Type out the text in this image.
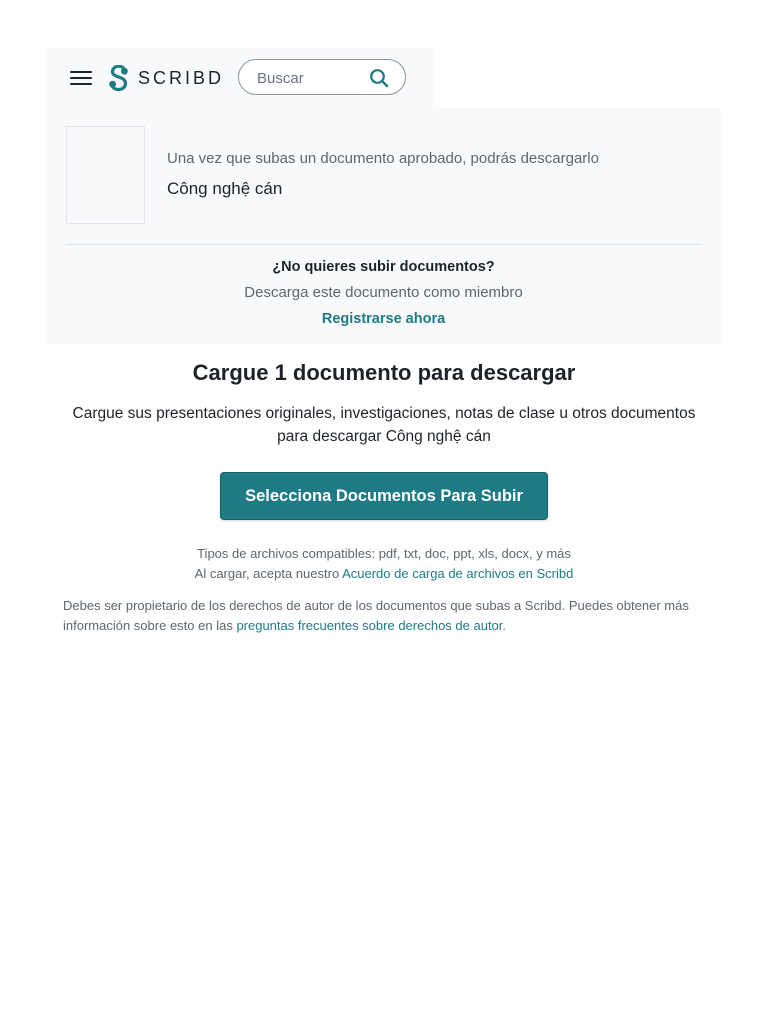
SCRIBD
Buscar
Una vez que subas un documento aprobado, podrás descargarlo
Công nghệ cán
¿No quieres subir documentos?
Descarga este documento como miembro
Registrarse ahora
Cargue 1 documento para descargar
Cargue sus presentaciones originales, investigaciones, notas de clase u otros documentos para descargar Công nghệ cán
Selecciona Documentos Para Subir
Tipos de archivos compatibles: pdf, txt, doc, ppt, xls, docx, y más
Al cargar, acepta nuestro Acuerdo de carga de archivos en Scribd
Debes ser propietario de los derechos de autor de los documentos que subas a Scribd. Puedes obtener más información sobre esto en las preguntas frecuentes sobre derechos de autor.
